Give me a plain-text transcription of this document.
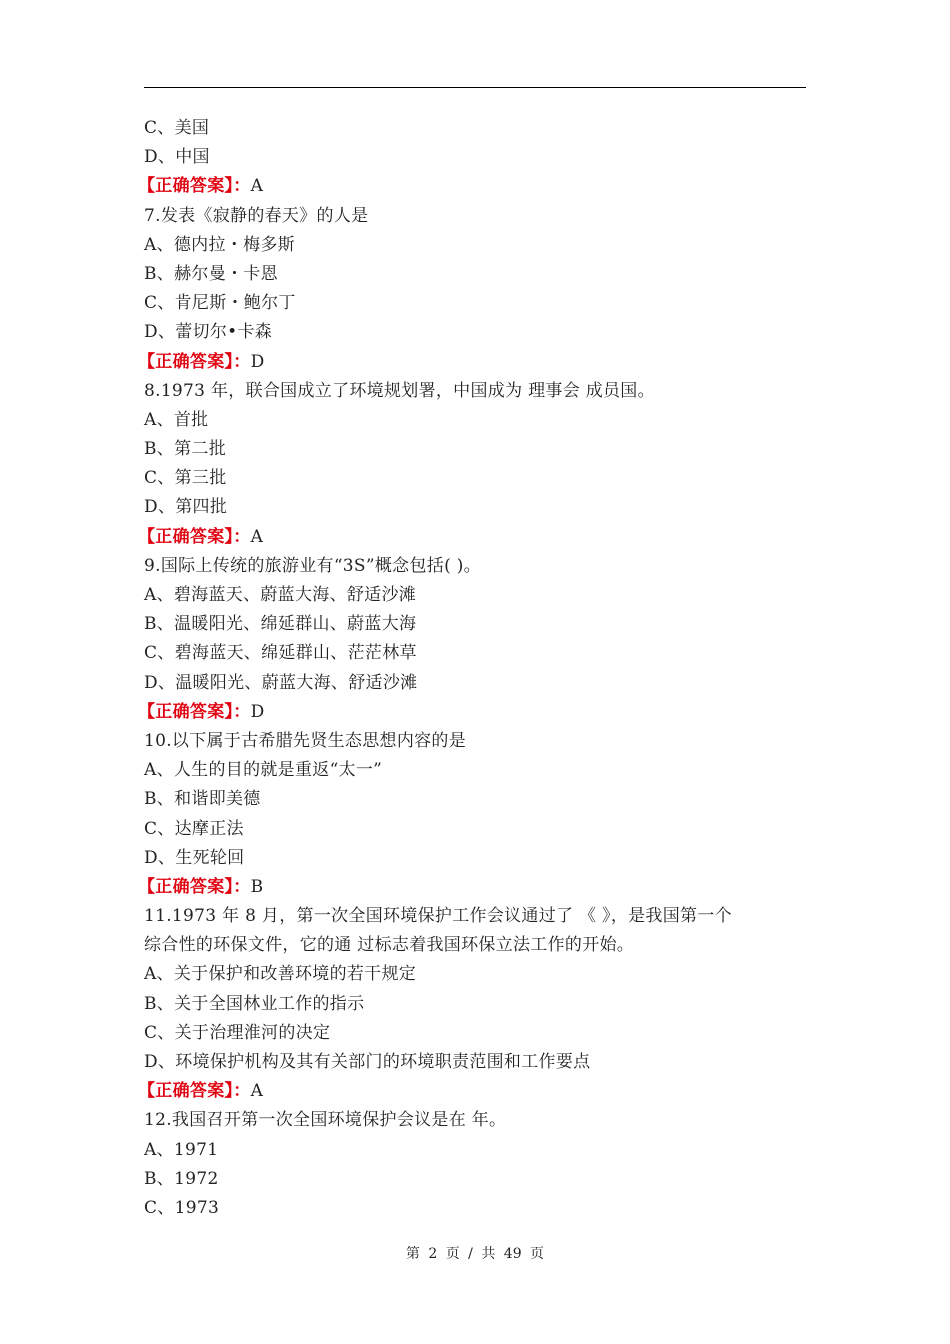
C、美国
D、中国
【正确答案】：A
7.发表《寂静的春天》的人是
A、德内拉・梅多斯
B、赫尔曼・卡恩
C、肯尼斯・鲍尔丁
D、蕾切尔•卡森
【正确答案】：D
8.1973 年，联合国成立了环境规划署，中国成为 理事会 成员国。
A、首批
B、第二批
C、第三批
D、第四批
【正确答案】：A
9.国际上传统的旅游业有“3S”概念包括( )。
A、碧海蓝天、蔚蓝大海、舒适沙滩
B、温暖阳光、绵延群山、蔚蓝大海
C、碧海蓝天、绵延群山、茫茫林草
D、温暖阳光、蔚蓝大海、舒适沙滩
【正确答案】：D
10.以下属于古希腊先贤生态思想内容的是
A、人生的目的就是重返“太一”
B、和谐即美德
C、达摩正法
D、生死轮回
【正确答案】：B
11.1973 年 8 月，第一次全国环境保护工作会议通过了 《 》，是我国第一个
综合性的环保文件，它的通 过标志着我国环保立法工作的开始。
A、关于保护和改善环境的若干规定
B、关于全国林业工作的指示
C、关于治理淮河的决定
D、环境保护机构及其有关部门的环境职责范围和工作要点
【正确答案】：A
12.我国召开第一次全国环境保护会议是在 年。
A、1971
B、1972
C、1973
第 2 页 / 共 49 页
